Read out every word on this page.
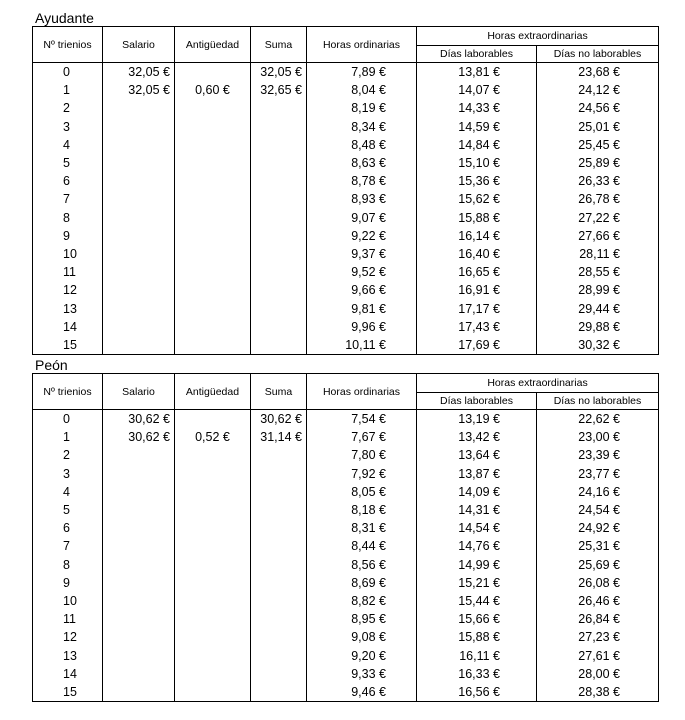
Ayudante
Nº trienios	Salario	Antigüedad	Suma	Horas ordinarias	Horas extraordinarias	
					Días laborables	Días no laborables
0	32,05 €		32,05 €	7,89 €	13,81 €	23,68 €
1	32,05 €	0,60 €	32,65 €	8,04 €	14,07 €	24,12 €
2				8,19 €	14,33 €	24,56 €
3				8,34 €	14,59 €	25,01 €
4				8,48 €	14,84 €	25,45 €
5				8,63 €	15,10 €	25,89 €
6				8,78 €	15,36 €	26,33 €
7				8,93 €	15,62 €	26,78 €
8				9,07 €	15,88 €	27,22 €
9				9,22 €	16,14 €	27,66 €
10				9,37 €	16,40 €	28,11 €
11				9,52 €	16,65 €	28,55 €
12				9,66 €	16,91 €	28,99 €
13				9,81 €	17,17 €	29,44 €
14				9,96 €	17,43 €	29,88 €
15				10,11 €	17,69 €	30,32 €
Peón
Nº trienios	Salario	Antigüedad	Suma	Horas ordinarias	Horas extraordinarias	
					Días laborables	Días no laborables
0	30,62 €		30,62 €	7,54 €	13,19 €	22,62 €
1	30,62 €	0,52 €	31,14 €	7,67 €	13,42 €	23,00 €
2				7,80 €	13,64 €	23,39 €
3				7,92 €	13,87 €	23,77 €
4				8,05 €	14,09 €	24,16 €
5				8,18 €	14,31 €	24,54 €
6				8,31 €	14,54 €	24,92 €
7				8,44 €	14,76 €	25,31 €
8				8,56 €	14,99 €	25,69 €
9				8,69 €	15,21 €	26,08 €
10				8,82 €	15,44 €	26,46 €
11				8,95 €	15,66 €	26,84 €
12				9,08 €	15,88 €	27,23 €
13				9,20 €	16,11 €	27,61 €
14				9,33 €	16,33 €	28,00 €
15				9,46 €	16,56 €	28,38 €
